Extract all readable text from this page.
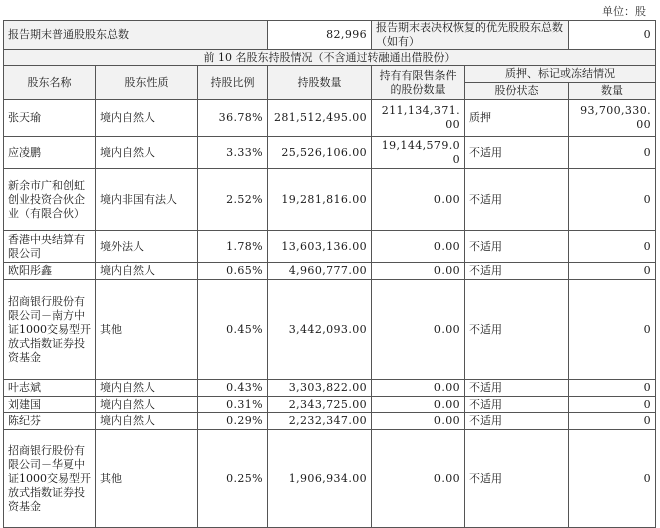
单位：股
报告期末普通股股东总数			82,996	报告期末表决权恢复的优先股股东总数（如有）		0
前 10 名股东持股情况（不含通过转融通出借股份）						
股东名称	股东性质	持股比例	持股数量	持有有限售条件的股份数量	质押、标记或冻结情况	
					股份状态	数量
张天瑜	境内自然人	36.78%	281,512,495.00	211,134,371.00	质押	93,700,330.00
应凌鹏	境内自然人	3.33%	25,526,106.00	19,144,579.00	不适用	0
新余市广和创虹创业投资合伙企业（有限合伙）	境内非国有法人	2.52%	19,281,816.00	0.00	不适用	0
香港中央结算有限公司	境外法人	1.78%	13,603,136.00	0.00	不适用	0
欧阳彤鑫	境内自然人	0.65%	4,960,777.00	0.00	不适用	0
招商银行股份有限公司－南方中证1000交易型开放式指数证券投资基金	其他	0.45%	3,442,093.00	0.00	不适用	0
叶志斌	境内自然人	0.43%	3,303,822.00	0.00	不适用	0
刘建国	境内自然人	0.31%	2,343,725.00	0.00	不适用	0
陈纪芬	境内自然人	0.29%	2,232,347.00	0.00	不适用	0
招商银行股份有限公司－华夏中证1000交易型开放式指数证券投资基金	其他	0.25%	1,906,934.00	0.00	不适用	0
